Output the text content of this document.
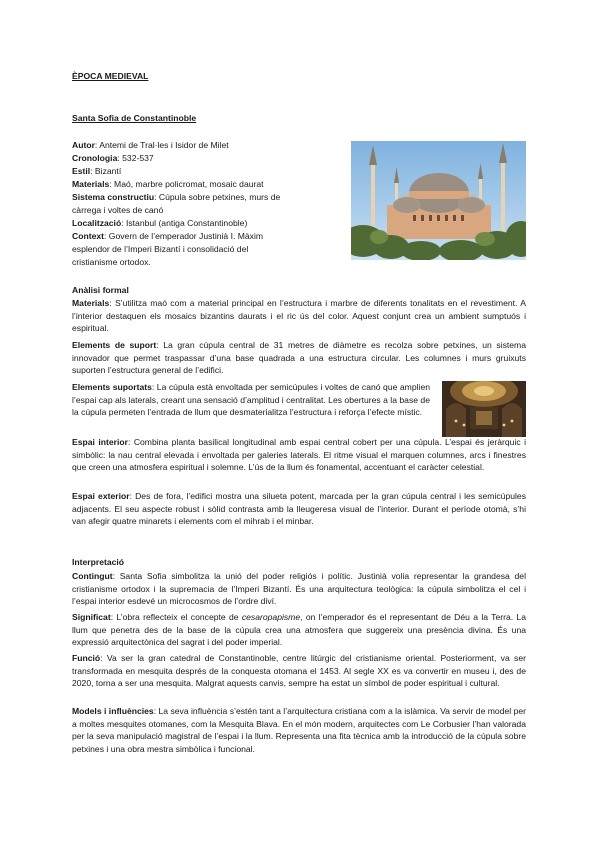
ÈPOCA MEDIEVAL
Santa Sofia de Constantinoble
Autor: Antemi de Tral·les i Isidor de Milet
Cronologia: 532-537
Estil: Bizantí
Materials: Maó, marbre policromat, mosaic daurat
Sistema constructiu: Cúpula sobre petxines, murs de
càrrega i voltes de canó
Localització: Istanbul (antiga Constantinoble)
Context: Govern de l’emperador Justinià I. Màxim
esplendor de l’Imperi Bizantí i consolidació del
cristianisme ortodox.
Anàlisi formal
Materials: S’utilitza maó com a material principal en l’estructura i marbre de diferents tonalitats en el revestiment. A l’interior destaquen els mosaics bizantins daurats i el ric ús del color. Aquest conjunt crea un ambient sumptuós i espiritual.
Elements de suport: La gran cúpula central de 31 metres de diàmetre es recolza sobre petxines, un sistema innovador que permet traspassar d’una base quadrada a una estructura circular. Les columnes i murs gruixuts suporten l’estructura general de l’edifici.
Elements suportats: La cúpula està envoltada per semicúpules i voltes de canó que amplien l’espai cap als laterals, creant una sensació d’amplitud i centralitat. Les obertures a la base de la cúpula permeten l’entrada de llum que desmaterialitza l’estructura i reforça l’efecte místic.
Espai interior: Combina planta basilical longitudinal amb espai central cobert per una cúpula. L’espai és jeràrquic i simbòlic: la nau central elevada i envoltada per galeries laterals. El ritme visual el marquen columnes, arcs i finestres que creen una atmosfera espiritual i solemne. L’ús de la llum és fonamental, accentuant el caràcter celestial.
Espai exterior: Des de fora, l’edifici mostra una silueta potent, marcada per la gran cúpula central i les semicúpules adjacents. El seu aspecte robust i sòlid contrasta amb la lleugeresa visual de l’interior. Durant el període otomà, s’hi van afegir quatre minarets i elements com el mihrab i el minbar.
Interpretació
Contingut: Santa Sofia simbolitza la unió del poder religiós i polític. Justinià volia representar la grandesa del cristianisme ortodox i la supremacia de l’Imperi Bizantí. És una arquitectura teològica: la cúpula simbolitza el cel i l’espai interior esdevé un microcosmos de l’ordre diví.
Significat: L’obra reflecteix el concepte de cesaropapisme, on l’emperador és el representant de Déu a la Terra. La llum que penetra des de la base de la cúpula crea una atmosfera que suggereix una presència divina. És una expressió arquitectònica del sagrat i del poder imperial.
Funció: Va ser la gran catedral de Constantinoble, centre litúrgic del cristianisme oriental. Posteriorment, va ser transformada en mesquita després de la conquesta otomana el 1453. Al segle XX es va convertir en museu i, des de 2020, torna a ser una mesquita. Malgrat aquests canvis, sempre ha estat un símbol de poder espiritual i cultural.
Models i influències: La seva influència s’estén tant a l’arquitectura cristiana com a la islàmica. Va servir de model per a moltes mesquites otomanes, com la Mesquita Blava. En el món modern, arquitectes com Le Corbusier l’han valorada per la seva manipulació magistral de l’espai i la llum. Representa una fita tècnica amb la introducció de la cúpula sobre petxines i una obra mestra simbòlica i funcional.
